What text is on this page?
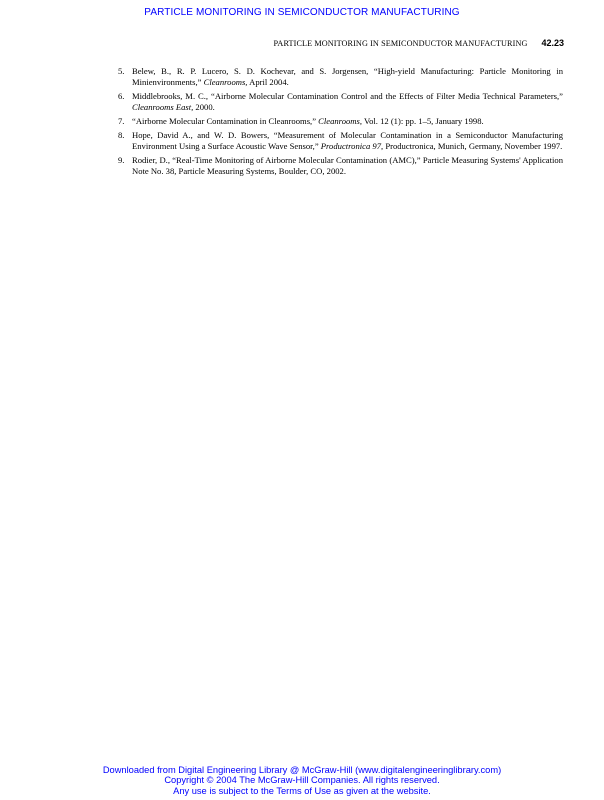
PARTICLE MONITORING IN SEMICONDUCTOR MANUFACTURING
PARTICLE MONITORING IN SEMICONDUCTOR MANUFACTURING 42.23
5. Belew, B., R. P. Lucero, S. D. Kochevar, and S. Jorgensen, “High-yield Manufacturing: Particle Monitoring in Minienvironments,” Cleanrooms, April 2004.
6. Middlebrooks, M. C., “Airborne Molecular Contamination Control and the Effects of Filter Media Technical Parameters,” Cleanrooms East, 2000.
7. “Airborne Molecular Contamination in Cleanrooms,” Cleanrooms, Vol. 12 (1): pp. 1–5, January 1998.
8. Hope, David A., and W. D. Bowers, “Measurement of Molecular Contamination in a Semiconductor Manufacturing Environment Using a Surface Acoustic Wave Sensor,” Productronica 97, Productronica, Munich, Germany, November 1997.
9. Rodier, D., “Real-Time Monitoring of Airborne Molecular Contamination (AMC),” Particle Measuring Systems' Application Note No. 38, Particle Measuring Systems, Boulder, CO, 2002.
Downloaded from Digital Engineering Library @ McGraw-Hill (www.digitalengineeringlibrary.com)
Copyright © 2004 The McGraw-Hill Companies. All rights reserved.
Any use is subject to the Terms of Use as given at the website.
